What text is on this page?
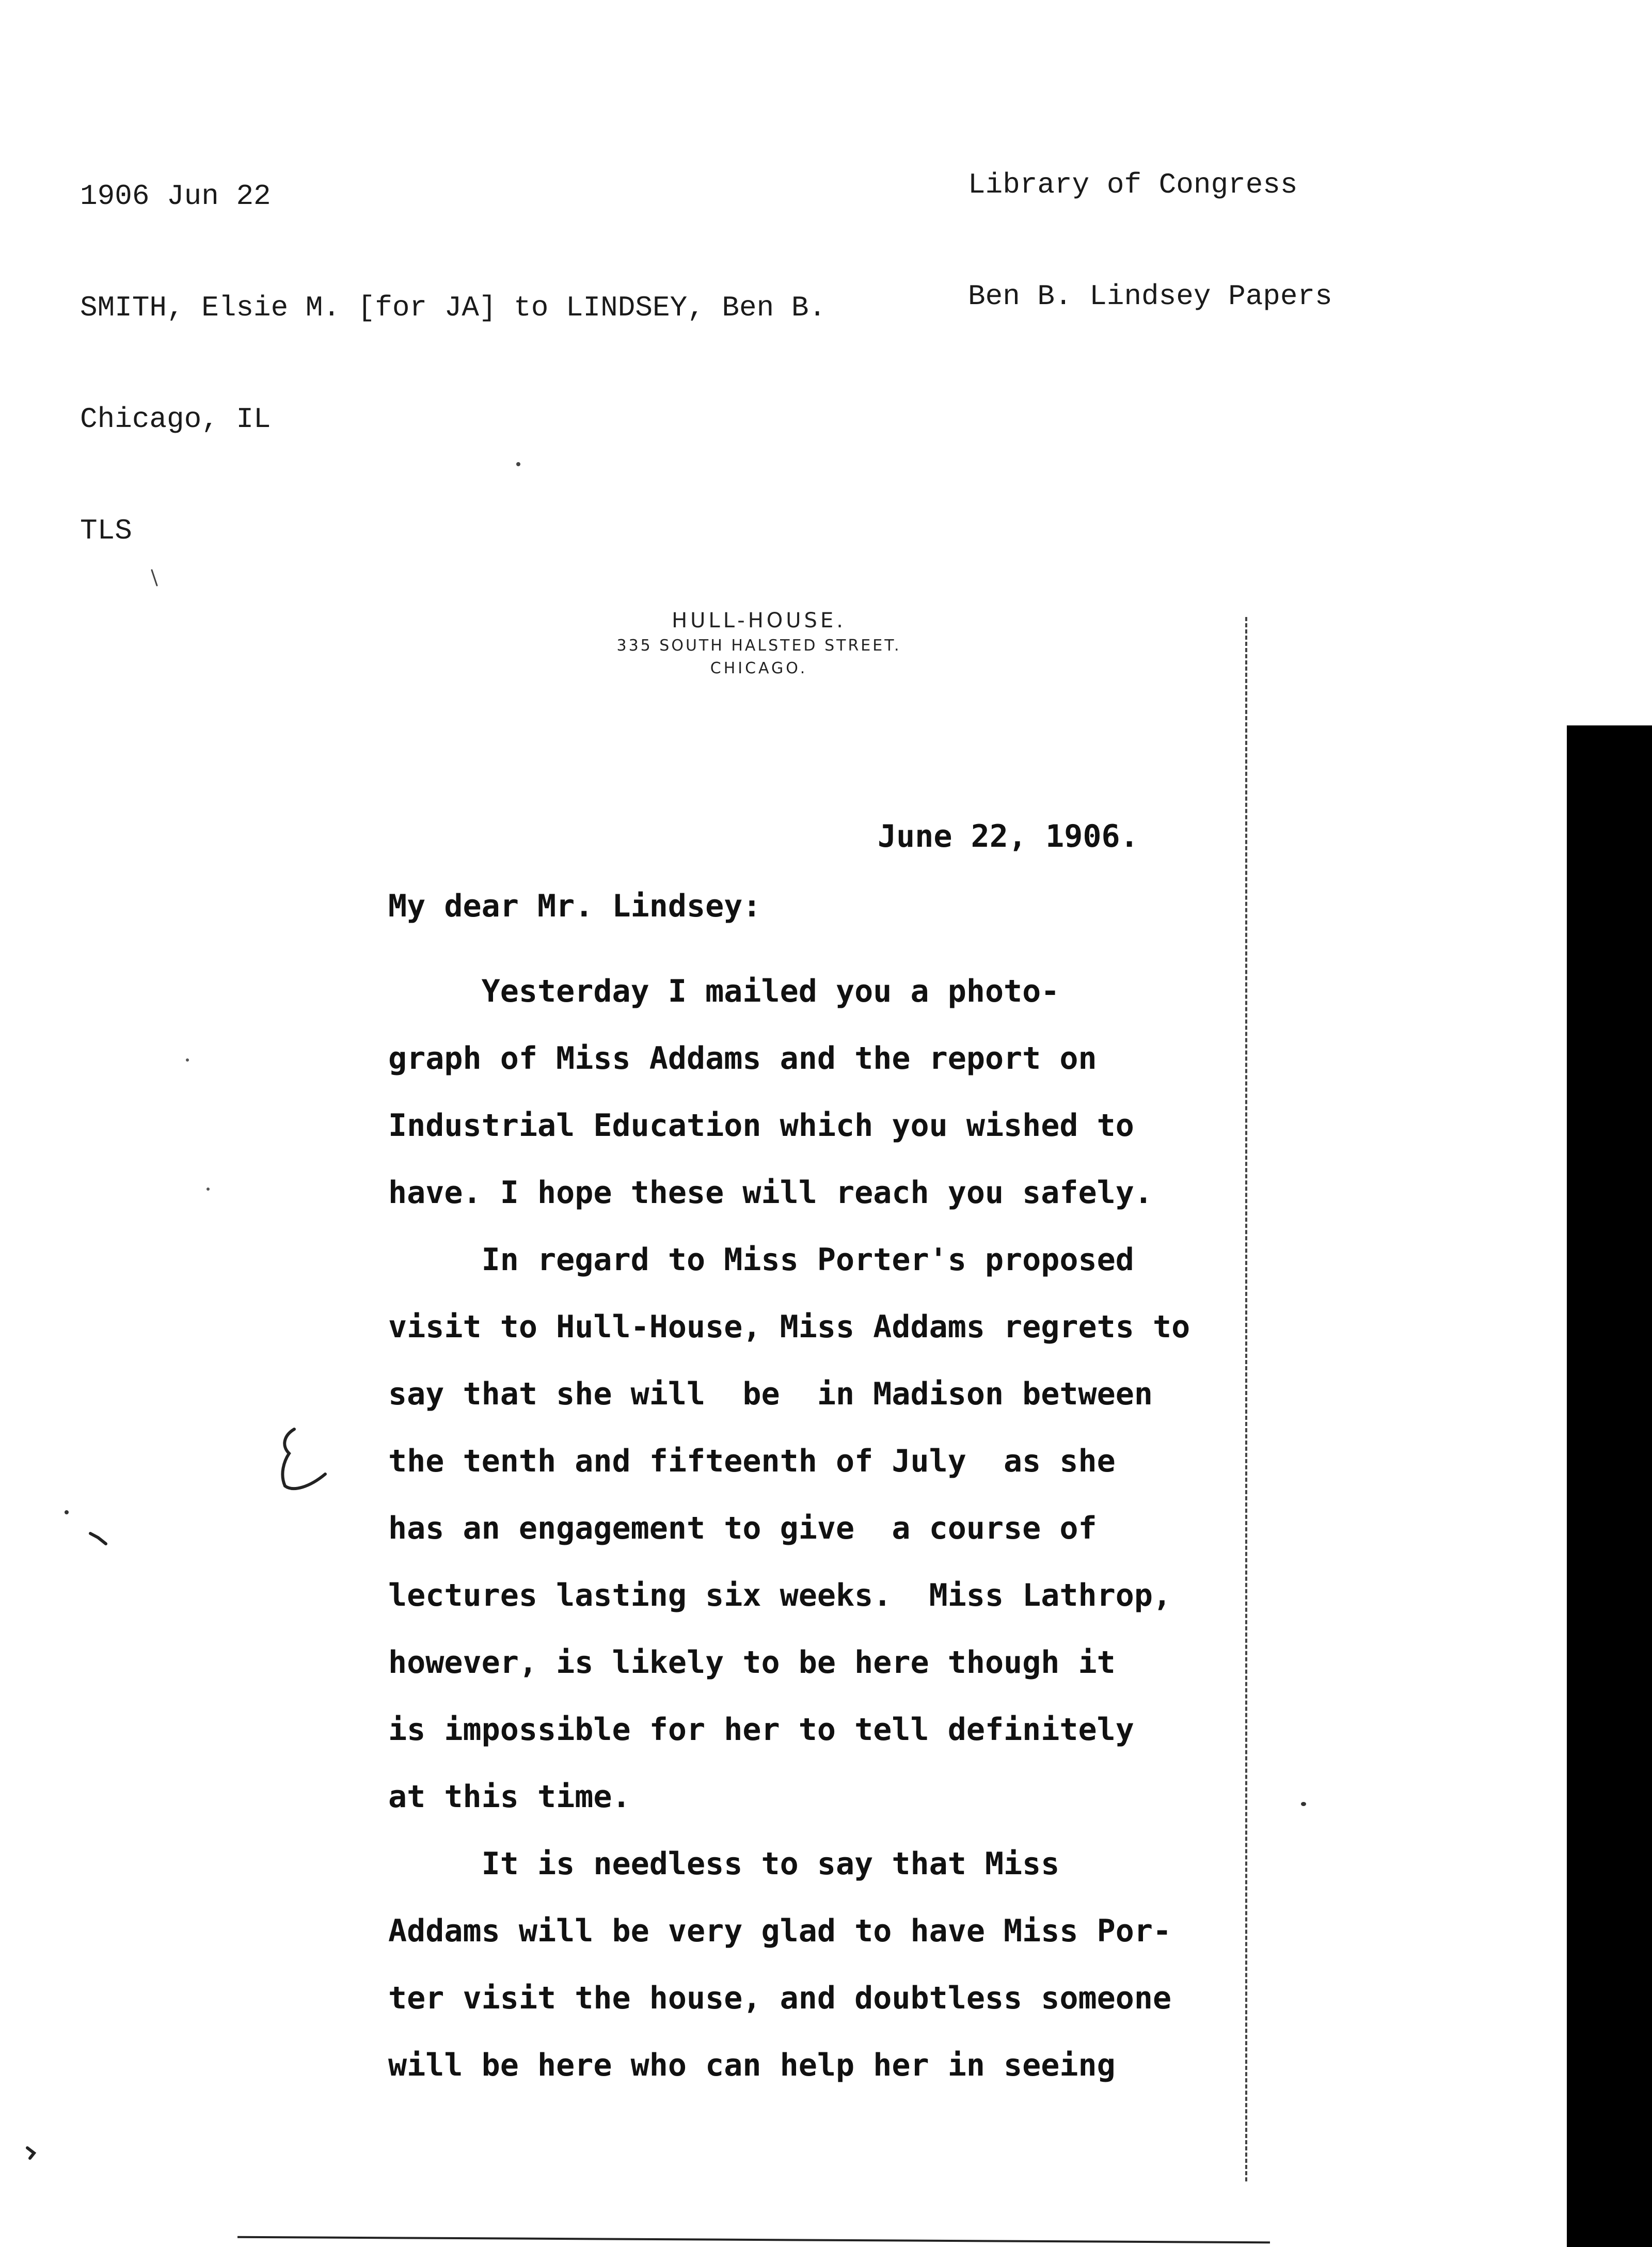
1906 Jun 22

SMITH, Elsie M. [for JA] to LINDSEY, Ben B.

Chicago, IL

TLS

Library of Congress

Ben B. Lindsey Papers

HULL-HOUSE.
335 SOUTH HALSTED STREET.
CHICAGO.
June 22, 1906.
My dear Mr. Lindsey:
Yesterday I mailed you a photo-
graph of Miss Addams and the report on
Industrial Education which you wished to
have. I hope these will reach you safely.
In regard to Miss Porter's proposed
visit to Hull-House, Miss Addams regrets to
say that she will  be  in Madison between
the tenth and fifteenth of July  as she
has an engagement to give  a course of
lectures lasting six weeks.  Miss Lathrop,
however, is likely to be here though it
is impossible for her to tell definitely
at this time.
It is needless to say that Miss
Addams will be very glad to have Miss Por-
ter visit the house, and doubtless someone
will be here who can help her in seeing
